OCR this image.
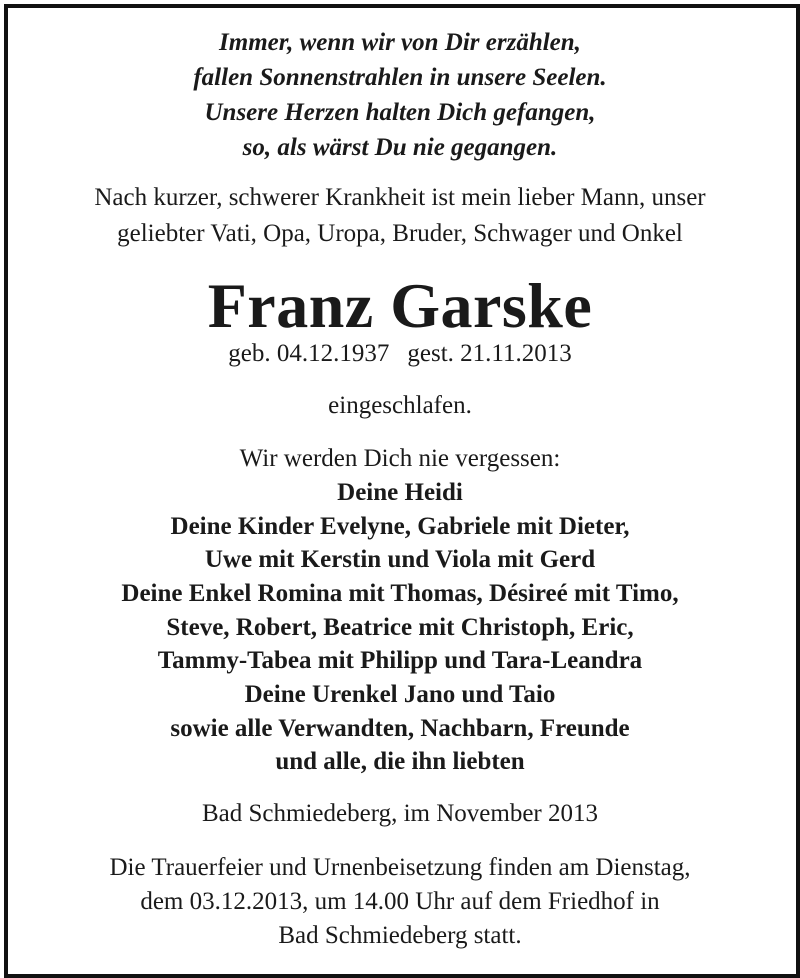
Immer, wenn wir von Dir erzählen,
fallen Sonnenstrahlen in unsere Seelen.
Unsere Herzen halten Dich gefangen,
so, als wärst Du nie gegangen.
Nach kurzer, schwerer Krankheit ist mein lieber Mann, unser
geliebter Vati, Opa, Uropa, Bruder, Schwager und Onkel
Franz Garske
geb. 04.12.1937 gest. 21.11.2013
eingeschlafen.
Wir werden Dich nie vergessen:
Deine Heidi
Deine Kinder Evelyne, Gabriele mit Dieter,
Uwe mit Kerstin und Viola mit Gerd
Deine Enkel Romina mit Thomas, Désireé mit Timo,
Steve, Robert, Beatrice mit Christoph, Eric,
Tammy-Tabea mit Philipp und Tara-Leandra
Deine Urenkel Jano und Taio
sowie alle Verwandten, Nachbarn, Freunde
und alle, die ihn liebten
Bad Schmiedeberg, im November 2013
Die Trauerfeier und Urnenbeisetzung finden am Dienstag,
dem 03.12.2013, um 14.00 Uhr auf dem Friedhof in
Bad Schmiedeberg statt.
